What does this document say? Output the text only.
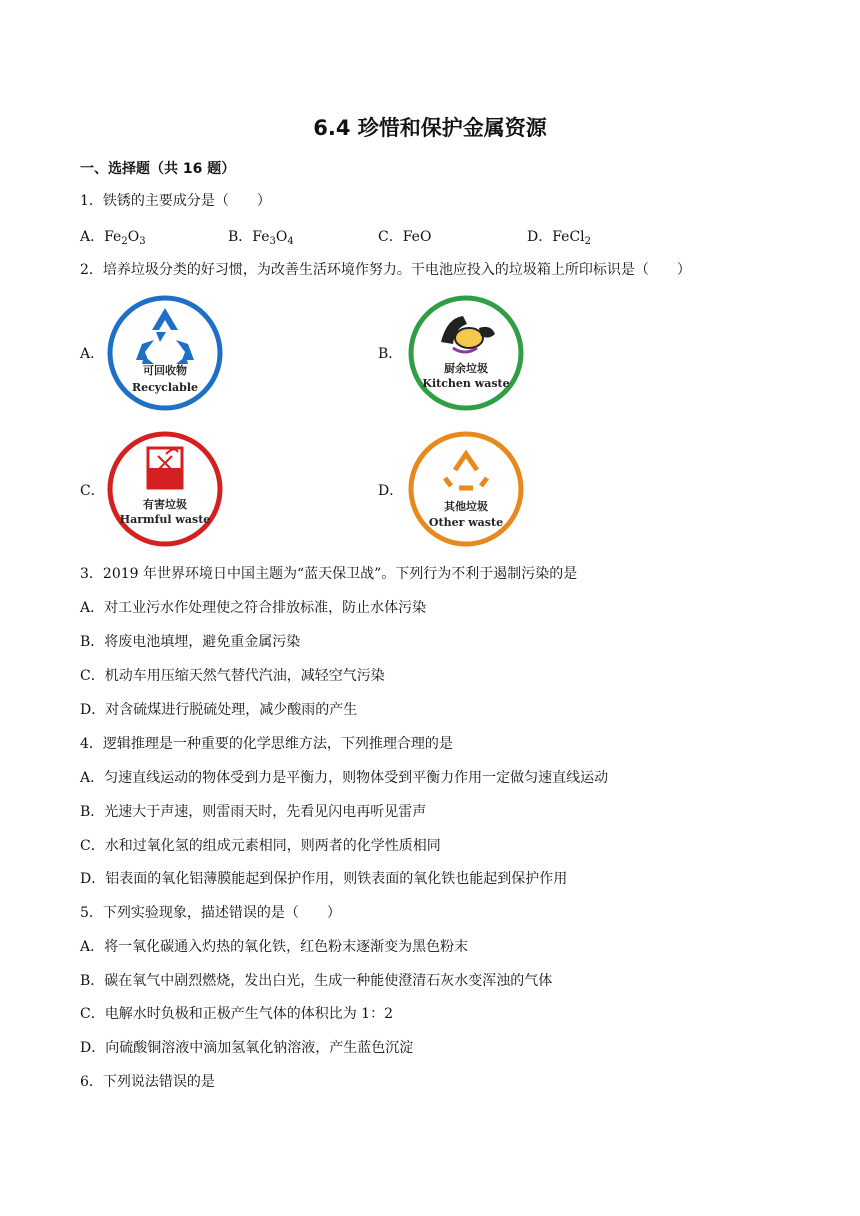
6.4 珍惜和保护金属资源
一、选择题（共 16 题）
1．铁锈的主要成分是（　　）
A．$Fe_2O_3$	B．$Fe_3O_4$	C．FeO	D．FeCl$_2$
2．培养垃圾分类的好习惯，为改善生活环境作努力。干电池应投入的垃圾箱上所印标识是（　　）
A．
可回收物
Recyclable
B．
厨余垃圾
Kitchen waste
C．
有害垃圾
Harmful waste
D．
其他垃圾
Other waste
3．2019 年世界环境日中国主题为“蓝天保卫战”。下列行为不利于遏制污染的是
A．对工业污水作处理使之符合排放标准，防止水体污染
B．将废电池填埋，避免重金属污染
C．机动车用压缩天然气替代汽油，减轻空气污染
D．对含硫煤进行脱硫处理，减少酸雨的产生
4．逻辑推理是一种重要的化学思维方法，下列推理合理的是
A．匀速直线运动的物体受到力是平衡力，则物体受到平衡力作用一定做匀速直线运动
B．光速大于声速，则雷雨天时，先看见闪电再听见雷声
C．水和过氧化氢的组成元素相同，则两者的化学性质相同
D．铝表面的氧化铝薄膜能起到保护作用，则铁表面的氧化铁也能起到保护作用
5．下列实验现象，描述错误的是（　　）
A．将一氧化碳通入灼热的氧化铁，红色粉末逐渐变为黑色粉末
B．碳在氧气中剧烈燃烧，发出白光，生成一种能使澄清石灰水变浑浊的气体
C．电解水时负极和正极产生气体的体积比为 1：2
D．向硫酸铜溶液中滴加氢氧化钠溶液，产生蓝色沉淀
6．下列说法错误的是
